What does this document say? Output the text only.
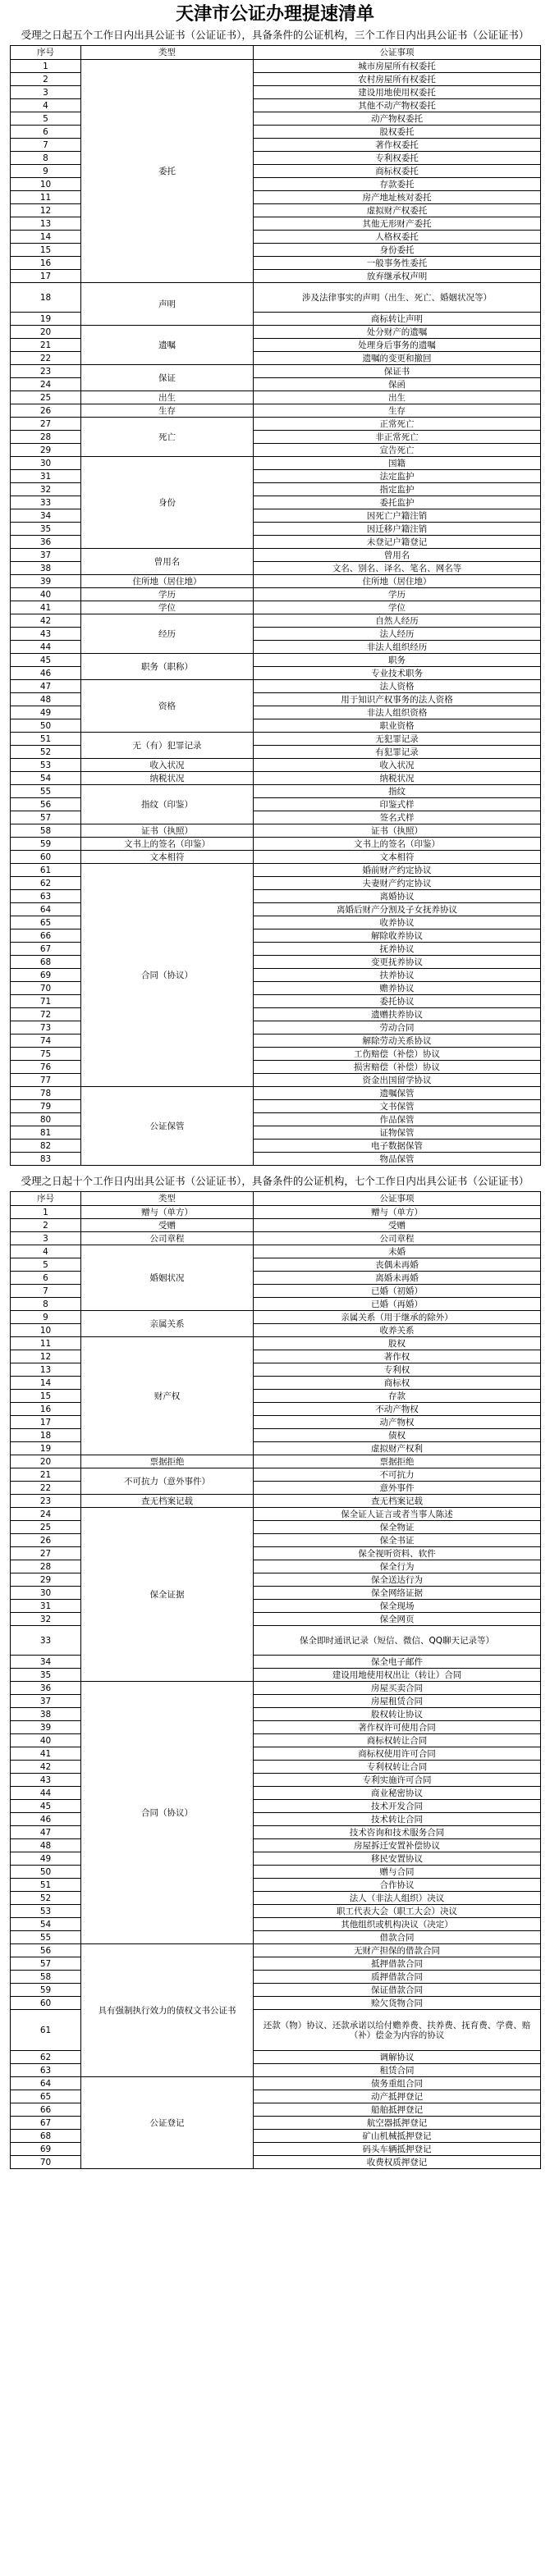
天津市公证办理提速清单
受理之日起五个工作日内出具公证书（公证证书），具备条件的公证机构，三个工作日内出具公证书（公证证书）
序号	类型	公证事项
1	委托	城市房屋所有权委托
2		农村房屋所有权委托
3		建设用地使用权委托
4		其他不动产物权委托
5		动产物权委托
6		股权委托
7		著作权委托
8		专利权委托
9		商标权委托
10		存款委托
11		房产地址核对委托
12		虚拟财产权委托
13		其他无形财产委托
14		人格权委托
15		身份委托
16		一般事务性委托
17		放弃继承权声明
18	声明	涉及法律事实的声明（出生、死亡、婚姻状况等）
19		商标转让声明
20	遗嘱	处分财产的遗嘱
21		处理身后事务的遗嘱
22		遗嘱的变更和撤回
23	保证	保证书
24		保函
25	出生	出生
26	生存	生存
27	死亡	正常死亡
28		非正常死亡
29		宣告死亡
30	身份	国籍
31		法定监护
32		指定监护
33		委托监护
34		因死亡户籍注销
35		因迁移户籍注销
36		未登记户籍登记
37	曾用名	曾用名
38		文名、别名、译名、笔名、网名等
39	住所地（居住地）	住所地（居住地）
40	学历	学历
41	学位	学位
42	经历	自然人经历
43		法人经历
44		非法人组织经历
45	职务（职称）	职务
46		专业技术职务
47	资格	法人资格
48		用于知识产权事务的法人资格
49		非法人组织资格
50		职业资格
51	无（有）犯罪记录	无犯罪记录
52		有犯罪记录
53	收入状况	收入状况
54	纳税状况	纳税状况
55	指纹（印鉴）	指纹
56		印鉴式样
57		签名式样
58	证书（执照）	证书（执照）
59	文书上的签名（印鉴）	文书上的签名（印鉴）
60	文本相符	文本相符
61	合同（协议）	婚前财产约定协议
62		夫妻财产约定协议
63		离婚协议
64		离婚后财产分割及子女抚养协议
65		收养协议
66		解除收养协议
67		抚养协议
68		变更抚养协议
69		扶养协议
70		赡养协议
71		委托协议
72		遗赠扶养协议
73		劳动合同
74		解除劳动关系协议
75		工伤赔偿（补偿）协议
76		损害赔偿（补偿）协议
77		资金出国留学协议
78	公证保管	遗嘱保管
79		文书保管
80		作品保管
81		证物保管
82		电子数据保管
83		物品保管
受理之日起十个工作日内出具公证书（公证证书），具备条件的公证机构，七个工作日内出具公证书（公证证书）
序号	类型	公证事项
1	赠与（单方）	赠与（单方）
2	受赠	受赠
3	公司章程	公司章程
4	婚姻状况	未婚
5		丧偶未再婚
6		离婚未再婚
7		已婚（初婚）
8		已婚（再婚）
9	亲属关系	亲属关系（用于继承的除外）
10		收养关系
11	财产权	股权
12		著作权
13		专利权
14		商标权
15		存款
16		不动产物权
17		动产物权
18		债权
19		虚拟财产权利
20	票据拒绝	票据拒绝
21	不可抗力（意外事件）	不可抗力
22		意外事件
23	查无档案记载	查无档案记载
24	保全证据	保全证人证言或者当事人陈述
25		保全物证
26		保全书证
27		保全视听资料、软件
28		保全行为
29		保全送达行为
30		保全网络证据
31		保全现场
32		保全网页
33		保全即时通讯记录（短信、微信、QQ聊天记录等）
34		保全电子邮件
35		建设用地使用权出让（转让）合同
36	合同（协议）	房屋买卖合同
37		房屋租赁合同
38		股权转让协议
39		著作权许可使用合同
40		商标权转让合同
41		商标权使用许可合同
42		专利权转让合同
43		专利实施许可合同
44		商业秘密协议
45		技术开发合同
46		技术转让合同
47		技术咨询和技术服务合同
48		房屋拆迁安置补偿协议
49		移民安置协议
50		赠与合同
51		合作协议
52		法人（非法人组织）决议
53		职工代表大会（职工大会）决议
54		其他组织或机构决议（决定）
55		借款合同
56	具有强制执行效力的债权文书公证书	无财产担保的借款合同
57		抵押借款合同
58		质押借款合同
59		保证借款合同
60		赊欠货物合同
61		还款（物）协议、还款承诺以给付赡养费、扶养费、抚育费、学费、赔（补）偿金为内容的协议
62		调解协议
63		租赁合同
64	公证登记	债务重组合同
65		动产抵押登记
66		船舶抵押登记
67		航空器抵押登记
68		矿山机械抵押登记
69		码头车辆抵押登记
70		收费权质押登记
